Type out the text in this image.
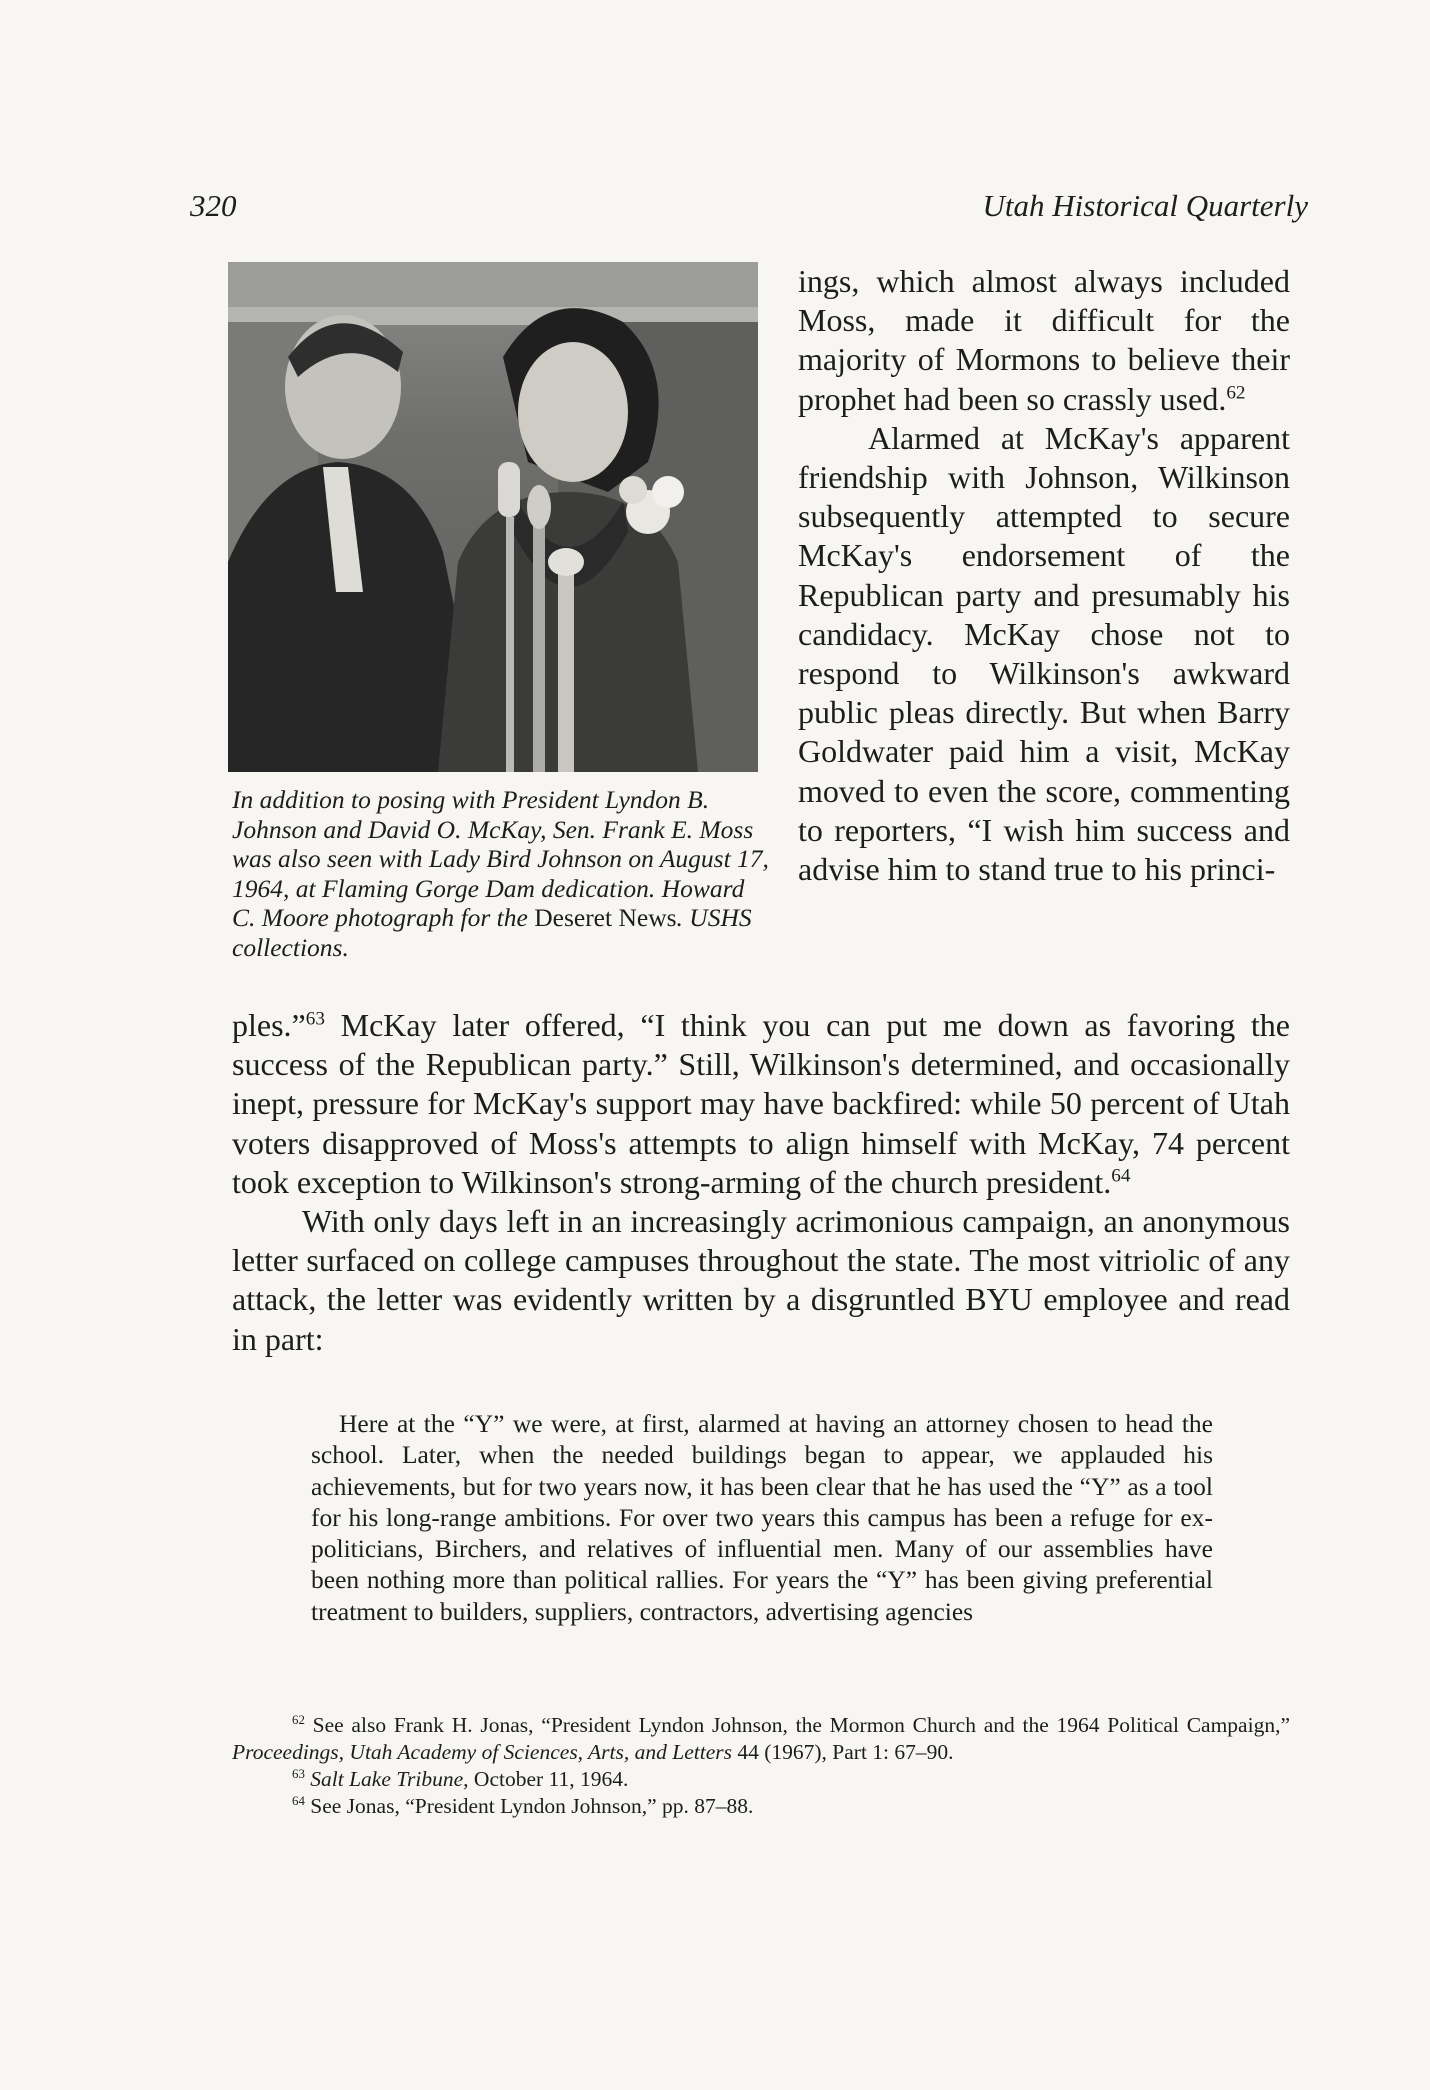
320	Utah Historical Quarterly
In addition to posing with President Lyndon B. Johnson and David O. McKay, Sen. Frank E. Moss was also seen with Lady Bird Johnson on August 17, 1964, at Flaming Gorge Dam dedication. Howard C. Moore photograph for the Deseret News. USHS collections.

ings, which almost always included Moss, made it difficult for the majority of Mormons to believe their prophet had been so crassly used.$^{62}$

Alarmed at McKay's apparent friendship with Johnson, Wilkinson subsequently attempted to secure McKay's endorsement of the Republican party and presumably his candidacy. McKay chose not to respond to Wilkinson's awkward public pleas directly. But when Barry Goldwater paid him a visit, McKay moved to even the score, commenting to reporters, “I wish him success and advise him to stand true to his princi-

ples.”$^{63}$ McKay later offered, “I think you can put me down as favoring the success of the Republican party.” Still, Wilkinson's determined, and occasionally inept, pressure for McKay's support may have backfired: while 50 percent of Utah voters disapproved of Moss's attempts to align himself with McKay, 74 percent took exception to Wilkinson's strong-arming of the church president.$^{64}$

With only days left in an increasingly acrimonious campaign, an anonymous letter surfaced on college campuses throughout the state. The most vitriolic of any attack, the letter was evidently written by a disgruntled BYU employee and read in part:

Here at the “Y” we were, at first, alarmed at having an attorney chosen to head the school. Later, when the needed buildings began to appear, we applauded his achievements, but for two years now, it has been clear that he has used the “Y” as a tool for his long-range ambitions. For over two years this campus has been a refuge for ex-politicians, Birchers, and relatives of influential men. Many of our assemblies have been nothing more than political rallies. For years the “Y” has been giving preferential treatment to builders, suppliers, contractors, advertising agencies

$^{62}$ See also Frank H. Jonas, “President Lyndon Johnson, the Mormon Church and the 1964 Political Campaign,” Proceedings, Utah Academy of Sciences, Arts, and Letters 44 (1967), Part 1: 67–90.

$^{63}$ Salt Lake Tribune, October 11, 1964.

$^{64}$ See Jonas, “President Lyndon Johnson,” pp. 87–88.
